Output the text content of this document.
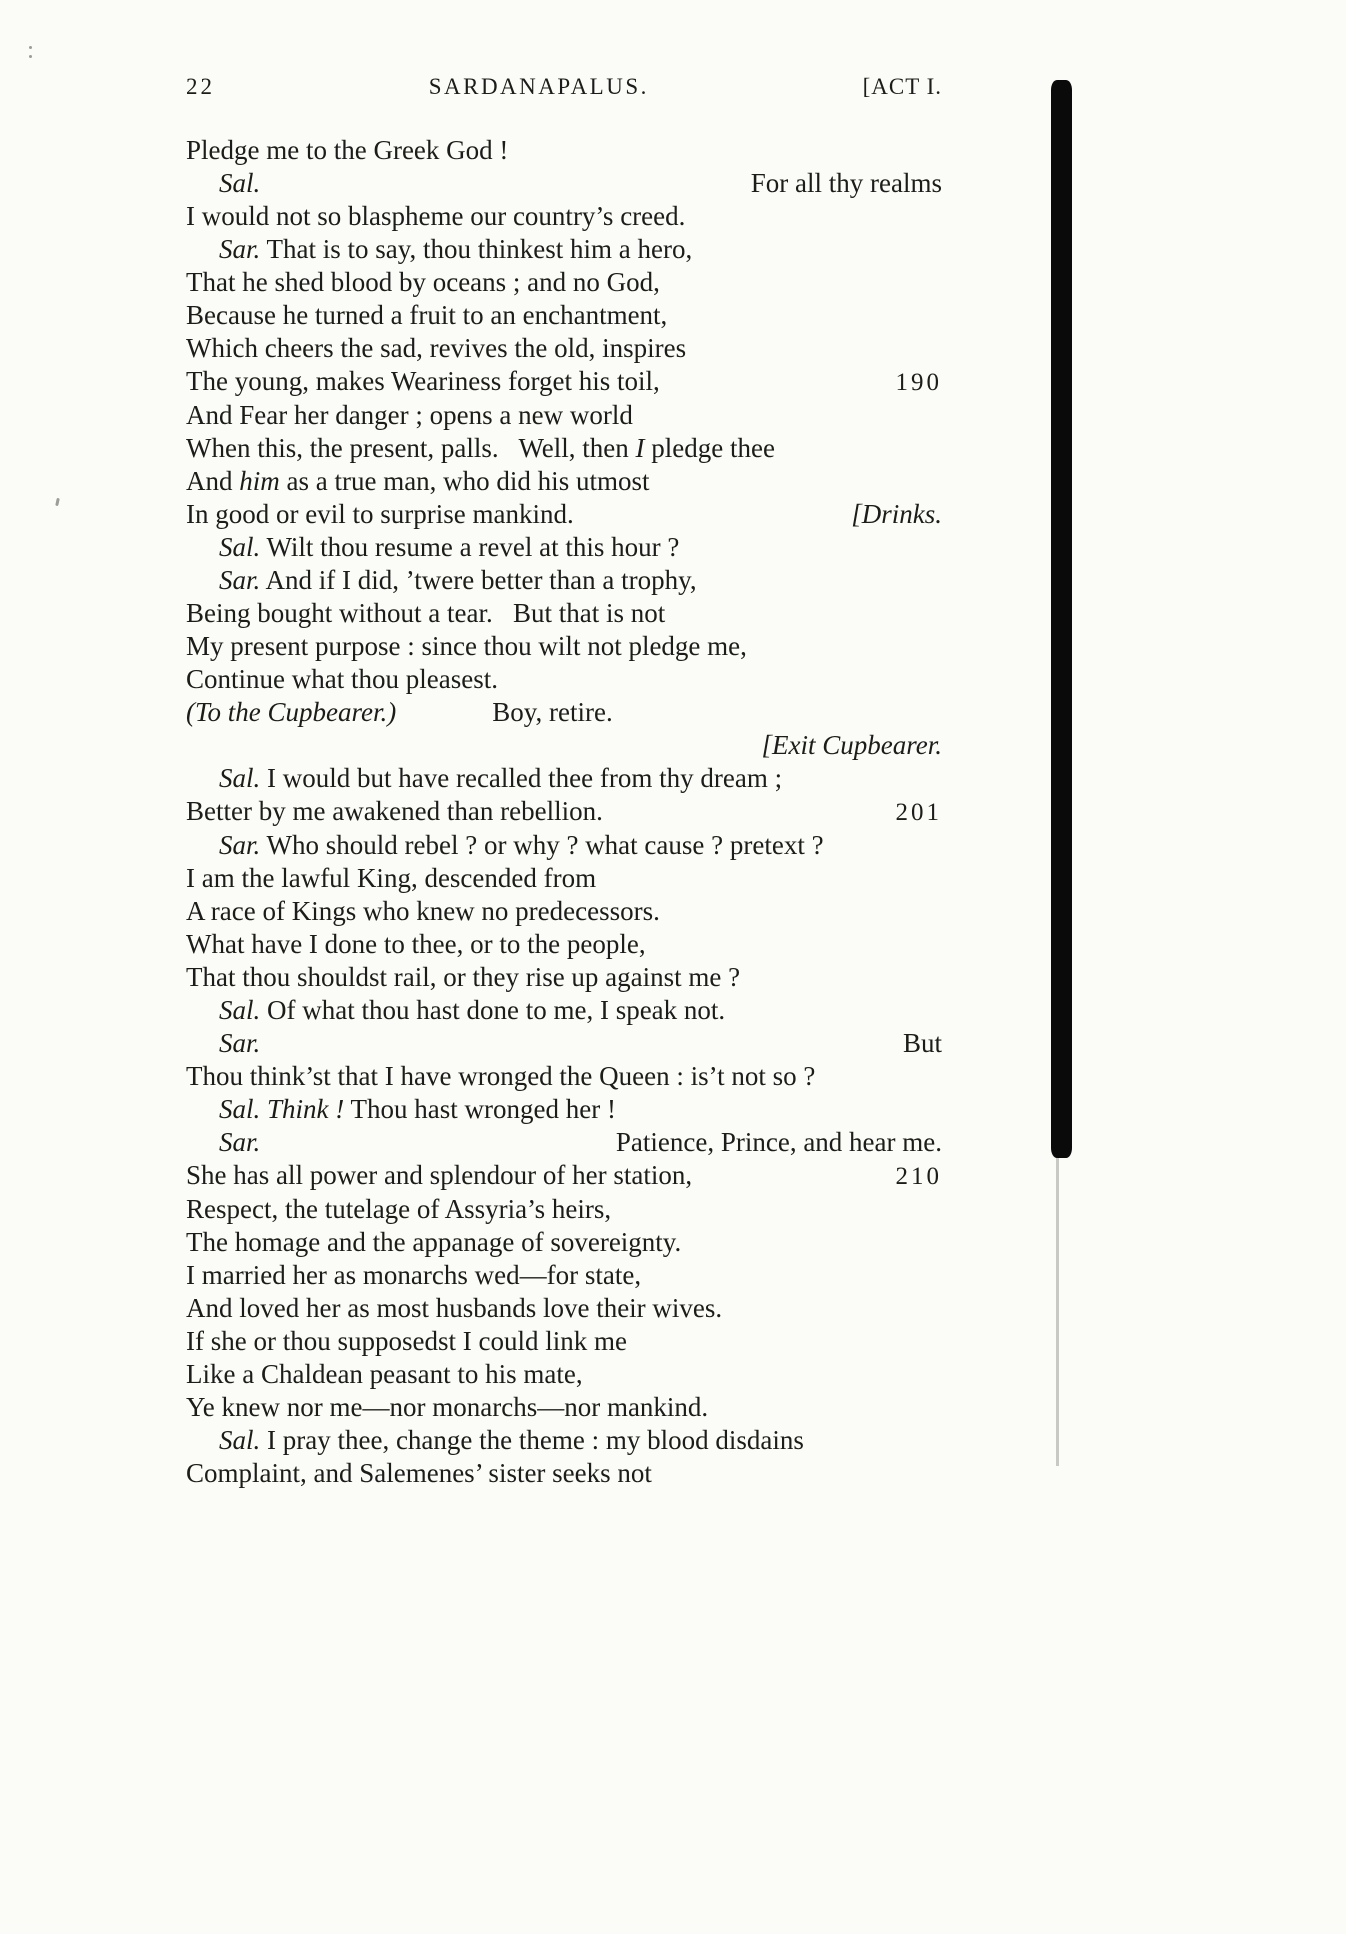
22	SARDANAPALUS.	[ACT I.
Pledge me to the Greek God !
Sal.	For all thy realms
I would not so blaspheme our country’s creed.
Sar. That is to say, thou thinkest him a hero,
That he shed blood by oceans ; and no God,
Because he turned a fruit to an enchantment,
Which cheers the sad, revives the old, inspires
The young, makes Weariness forget his toil,	190
And Fear her danger ; opens a new world
When this, the present, palls.   Well, then I pledge thee
And him as a true man, who did his utmost
In good or evil to surprise mankind.	[Drinks.
Sal. Wilt thou resume a revel at this hour ?
Sar. And if I did, ’twere better than a trophy,
Being bought without a tear.   But that is not
My present purpose : since thou wilt not pledge me,
Continue what thou pleasest.
(To the Cupbearer.)	Boy, retire.
[Exit Cupbearer.
Sal. I would but have recalled thee from thy dream ;
Better by me awakened than rebellion.	201
Sar. Who should rebel ? or why ? what cause ? pretext ?
I am the lawful King, descended from
A race of Kings who knew no predecessors.
What have I done to thee, or to the people,
That thou shouldst rail, or they rise up against me ?
Sal. Of what thou hast done to me, I speak not.
Sar.	But
Thou think’st that I have wronged the Queen : is’t not so ?
Sal. Think ! Thou hast wronged her !
Sar.	Patience, Prince, and hear me.
She has all power and splendour of her station,	210
Respect, the tutelage of Assyria’s heirs,
The homage and the appanage of sovereignty.
I married her as monarchs wed—for state,
And loved her as most husbands love their wives.
If she or thou supposedst I could link me
Like a Chaldean peasant to his mate,
Ye knew nor me—nor monarchs—nor mankind.
Sal. I pray thee, change the theme : my blood disdains
Complaint, and Salemenes’ sister seeks not
